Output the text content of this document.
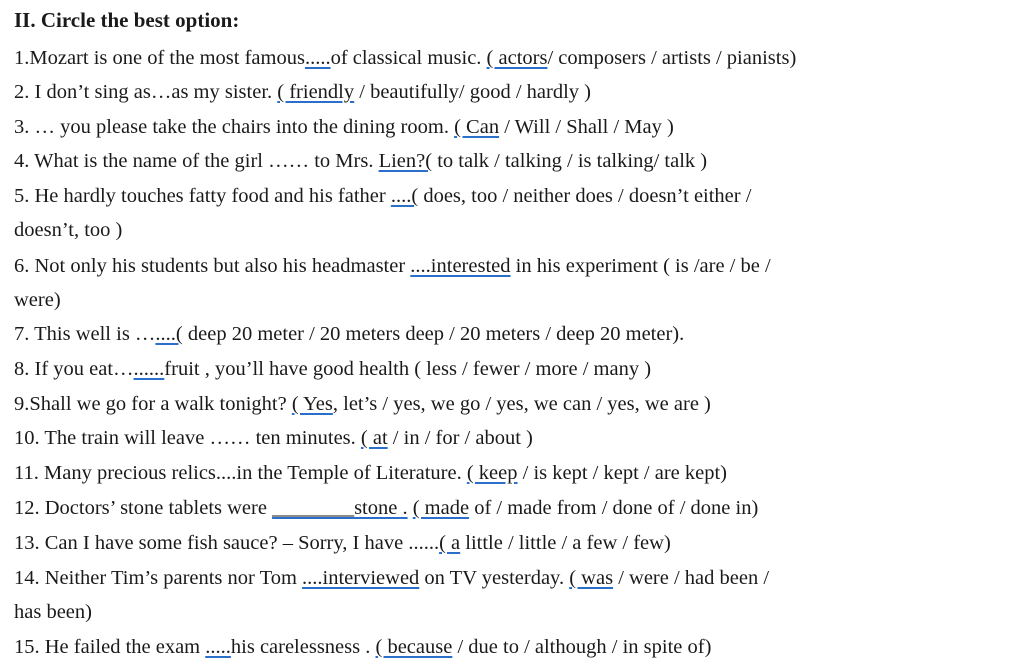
II. Circle the best option:
1.Mozart is one of the most famous.....of classical music. ( actors/ composers / artists / pianists)
2. I don’t sing as…as my sister. ( friendly / beautifully/ good / hardly )
3. … you please take the chairs into the dining room. ( Can / Will / Shall / May )
4. What is the name of the girl …… to Mrs. Lien?( to talk / talking / is talking/ talk )
5. He hardly touches fatty food and his father ....( does, too / neither does / doesn’t either /
doesn’t, too )
6. Not only his students but also his headmaster ....interested in his experiment ( is /are / be /
were)
7. This well is …....( deep 20 meter / 20 meters deep / 20 meters / deep 20 meter).
8. If you eat…......fruit , you’ll have good health ( less / fewer / more / many )
9.Shall we go for a walk tonight? ( Yes, let’s / yes, we go / yes, we can / yes, we are )
10. The train will leave …… ten minutes. ( at / in / for / about )
11. Many precious relics....in the Temple of Literature. ( keep / is kept / kept / are kept)
12. Doctors’ stone tablets were ________stone . ( made of / made from / done of / done in)
13. Can I have some fish sauce? – Sorry, I have ......( a little / little / a few / few)
14. Neither Tim’s parents nor Tom ....interviewed on TV yesterday. ( was / were / had been /
has been)
15. He failed the exam .....his carelessness . ( because / due to / although / in spite of)
